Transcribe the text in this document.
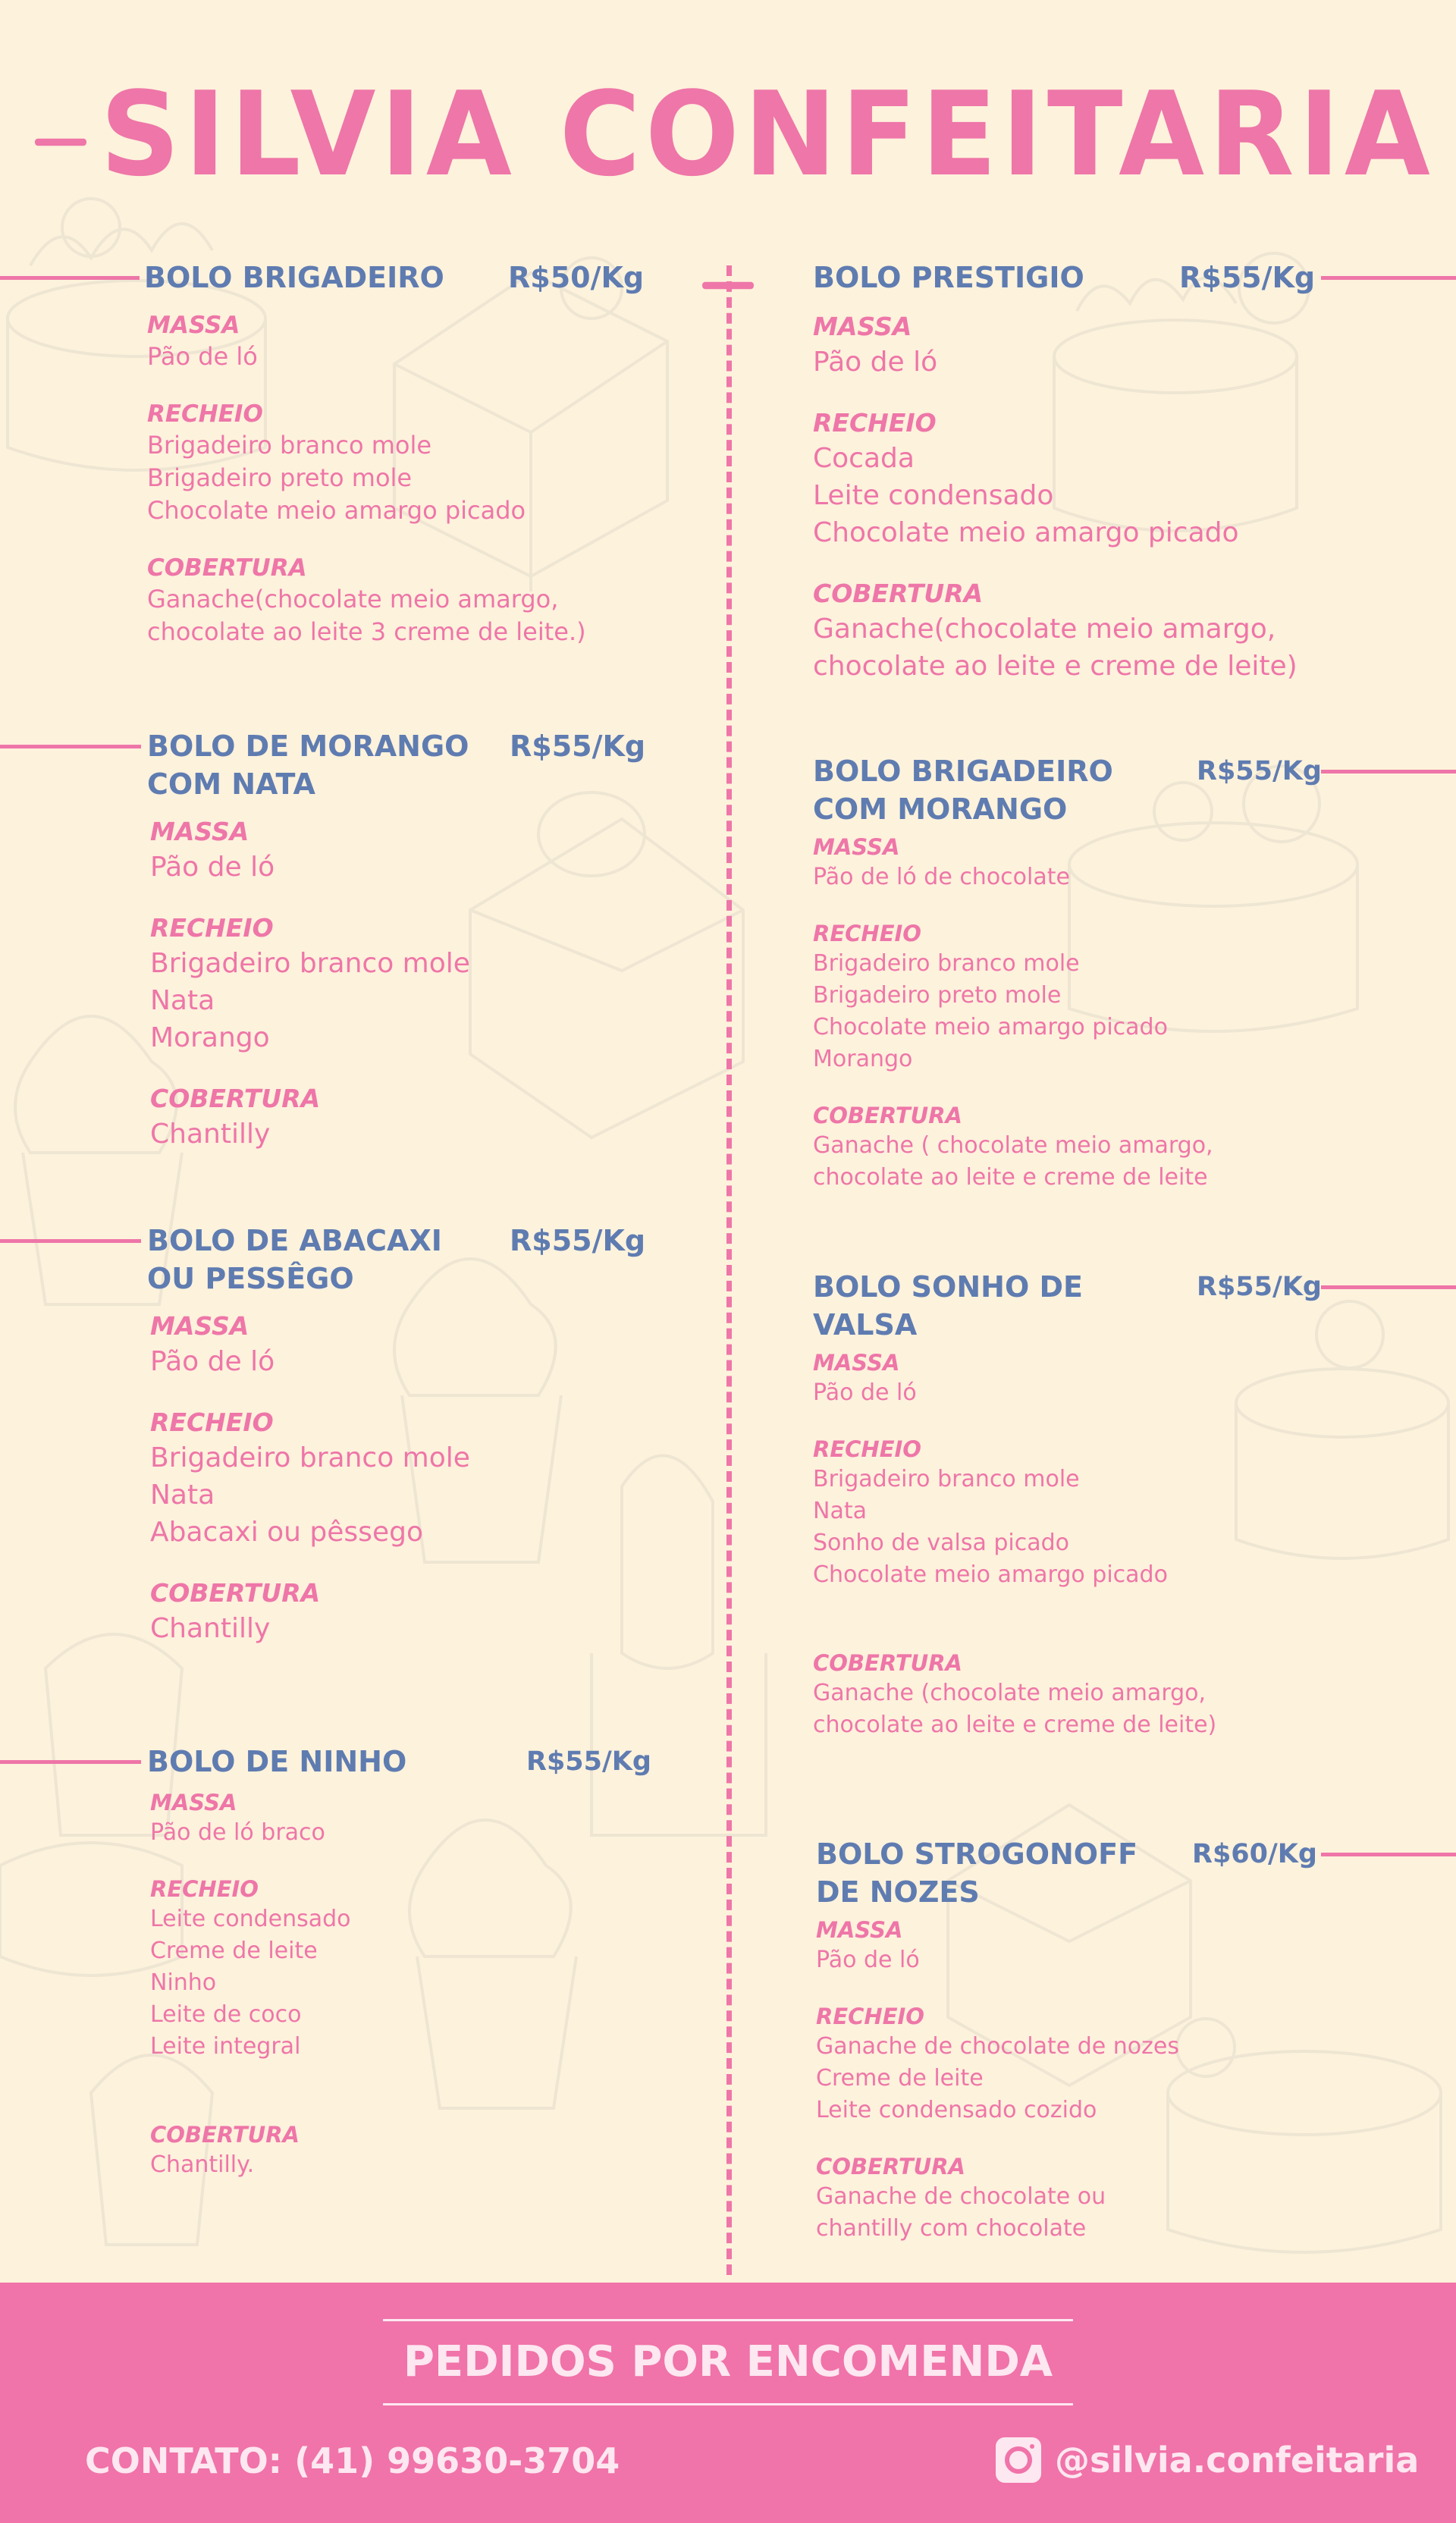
SILVIA CONFEITARIA
BOLO BRIGADEIRO R$50/Kg
MASSA
Pão de ló
RECHEIO
Brigadeiro branco mole
Brigadeiro preto mole
Chocolate meio amargo picado
COBERTURA
Ganache(chocolate meio amargo,
chocolate ao leite 3 creme de leite.)
BOLO DE MORANGO
COM NATA
R$55/Kg
MASSA
Pão de ló
RECHEIO
Brigadeiro branco mole
Nata
Morango
COBERTURA
Chantilly
BOLO DE ABACAXI
OU PESSÊGO
R$55/Kg
MASSA
Pão de ló
RECHEIO
Brigadeiro branco mole
Nata
Abacaxi ou pêssego
COBERTURA
Chantilly
BOLO DE NINHO	R$55/Kg
MASSA
Pão de ló braco
RECHEIO
Leite condensado
Creme de leite
Ninho
Leite de coco
Leite integral
COBERTURA
Chantilly.
BOLO PRESTIGIO	R$55/Kg
MASSA
Pão de ló
RECHEIO
Cocada
Leite condensado
Chocolate meio amargo picado
COBERTURA
Ganache(chocolate meio amargo,
chocolate ao leite e creme de leite)
BOLO BRIGADEIRO
COM MORANGO
R$55/Kg
MASSA
Pão de ló de chocolate
RECHEIO
Brigadeiro branco mole
Brigadeiro preto mole
Chocolate meio amargo picado
Morango
COBERTURA
Ganache ( chocolate meio amargo,
chocolate ao leite e creme de leite
BOLO SONHO DE
VALSA
R$55/Kg
MASSA
Pão de ló
RECHEIO
Brigadeiro branco mole
Nata
Sonho de valsa picado
Chocolate meio amargo picado
COBERTURA
Ganache (chocolate meio amargo,
chocolate ao leite e creme de leite)
BOLO STROGONOFF
DE NOZES
R$60/Kg
MASSA
Pão de ló
RECHEIO
Ganache de chocolate de nozes
Creme de leite
Leite condensado cozido
COBERTURA
Ganache de chocolate ou
chantilly com chocolate
PEDIDOS POR ENCOMENDA
CONTATO: (41) 99630-3704	@silvia.confeitaria
